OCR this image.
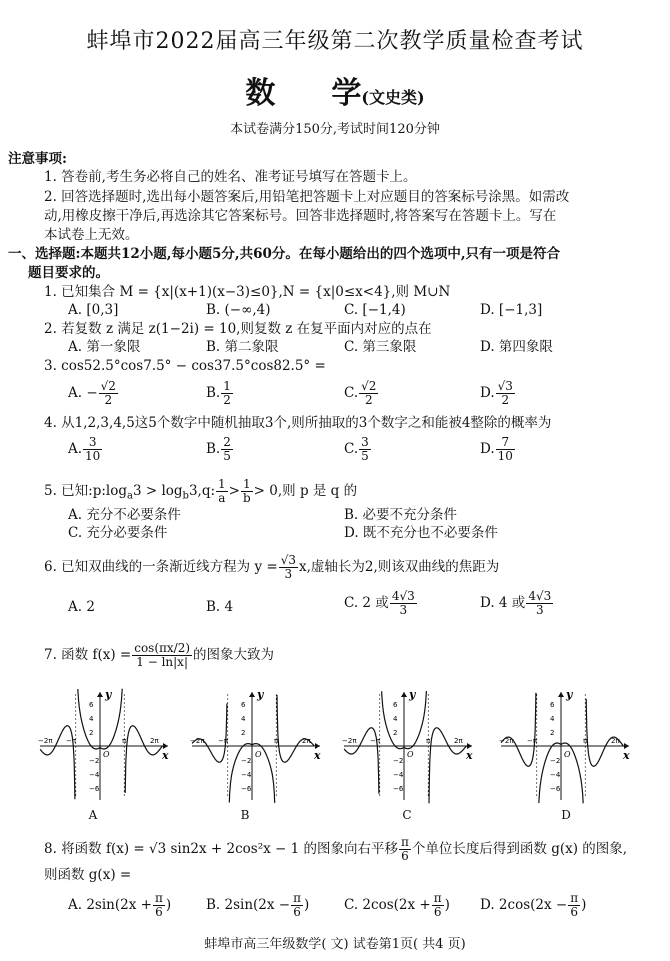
蚌埠市2022届高三年级第二次教学质量检查考试
数 学(文史类)
本试卷满分150分,考试时间120分钟
注意事项:
1. 答卷前,考生务必将自己的姓名、准考证号填写在答题卡上。
2. 回答选择题时,选出每小题答案后,用铅笔把答题卡上对应题目的答案标号涂黑。如需改
动,用橡皮擦干净后,再选涂其它答案标号。回答非选择题时,将答案写在答题卡上。写在
本试卷上无效。
一、选择题:本题共12小题,每小题5分,共60分。在每小题给出的四个选项中,只有一项是符合
题目要求的。
1. 已知集合 M = {x|(x+1)(x−3)≤0},N = {x|0≤x<4},则 M∪N
A. [0,3]	B. (−∞,4)	C. [−1,4)	D. [−1,3]
2. 若复数 z 满足 z(1−2i) = 10,则复数 z 在复平面内对应的点在
A. 第一象限	B. 第二象限	C. 第三象限	D. 第四象限
3. cos52.5°cos7.5° − cos37.5°cos82.5° =
A. − $\frac{√2}{2}$	B. $\frac{1}{2}$	C. $\frac{√2}{2}$	D. $\frac{√3}{2}$
4. 从1,2,3,4,5这5个数字中随机抽取3个,则所抽取的3个数字之和能被4整除的概率为
A. $\frac{3}{10}$	B. $\frac{2}{5}$	C. $\frac{3}{5}$	D. $\frac{7}{10}$
5. 已知$:p:\log_a3 > \log_b3,q$: $\frac{1}{a} > \frac{1}{b} > 0$,则 p 是 q 的
A. 充分不必要条件	B. 必要不充分条件
C. 充分必要条件	D. 既不充分也不必要条件
6. 已知双曲线的一条渐近线方程为 $y = \frac{√3}{3} x$,虚轴长为2,则该双曲线的焦距为
A. 2	B. 4	C. 2 或 $\frac{4√3}{3}$	D. 4 或 $\frac{4√3}{3}$
7. 函数 $f(x) = \frac{\cos(\pi x/2)}{1 - \ln|x|}$ 的图象大致为
x
y
O
6
4
2
−2
−4
−6
−2π −π	π	2π
x
y
O
6
4
2
−2
−4
−6
−2π −π	π	2π
x
y
O
6
4
2
−2
−4
−6
−2π −π	π	2π
x
y
O
6
4
2
−2
−4
−6
−2π −π	π	2π
A	B	C	D
8. 将函数 f(x) = √3 sin2x + 2cos²x − 1 的图象向右平移 $\frac{\pi}{6}$ 个单位长度后得到函数 g(x) 的图象,
则函数 g(x) =
A. $2\sin(2x + \frac{\pi}{6}$ )	B. $2\sin(2x - \frac{\pi}{6}$ )	C. $2\cos(2x + \frac{\pi}{6}$ ) D. $2\cos(2x - \frac{\pi}{6}$ )
蚌埠市高三年级数学( 文) 试卷第1页( 共4 页)
